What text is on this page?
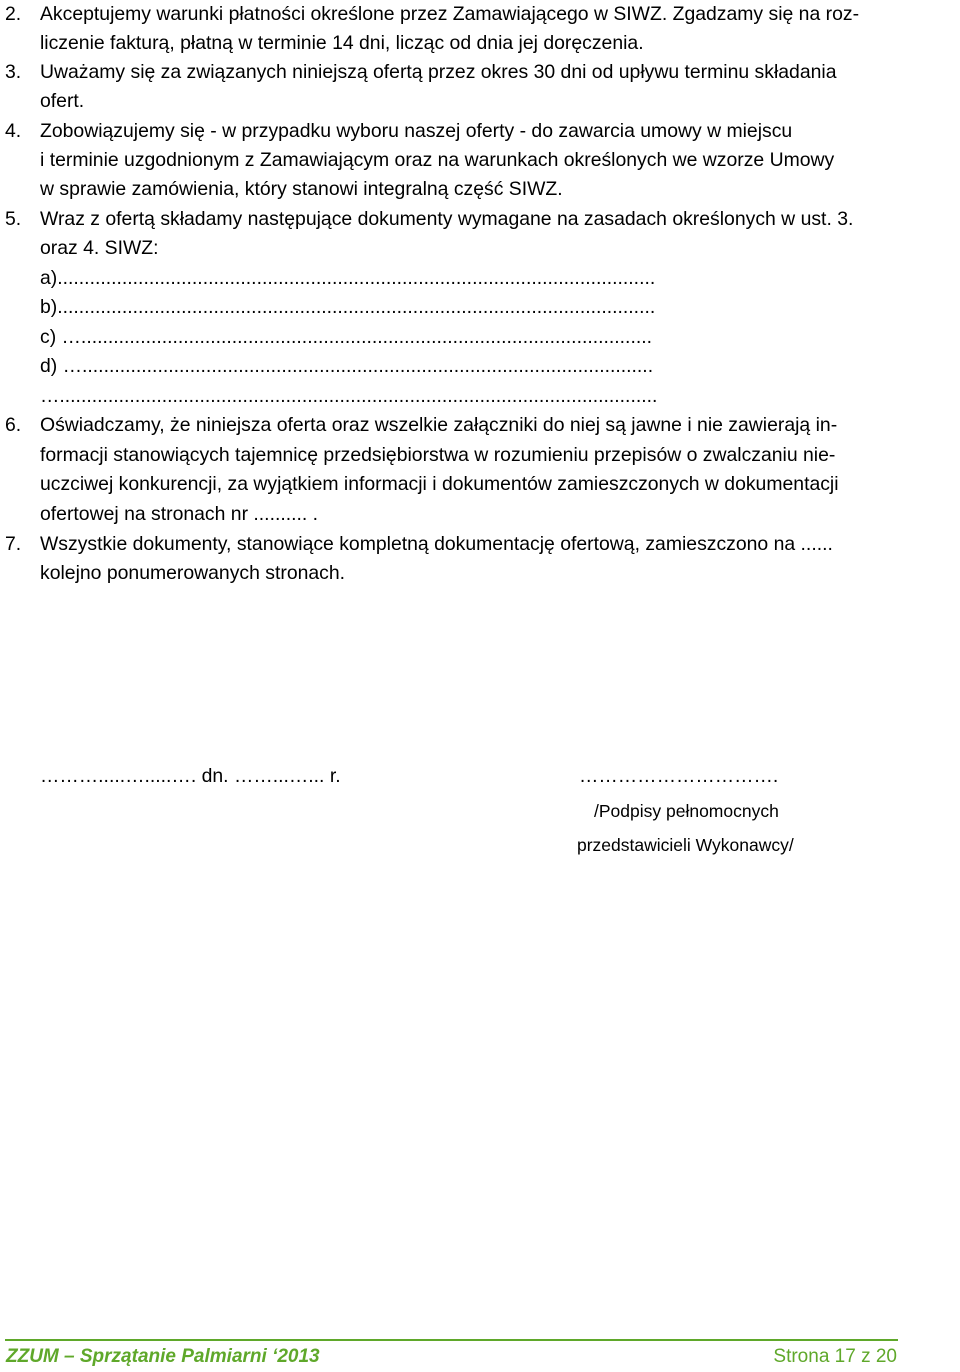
2. Akceptujemy warunki płatności określone przez Zamawiającego w SIWZ. Zgadzamy się na roz-
liczenie fakturą, płatną w terminie 14 dni, licząc od dnia jej doręczenia.
3. Uważamy się za związanych niniejszą ofertą przez okres 30 dni od upływu terminu składania
ofert.
4. Zobowiązujemy się - w przypadku wyboru naszej oferty - do zawarcia umowy w miejscu
i terminie uzgodnionym z Zamawiającym oraz na warunkach określonych we wzorze Umowy
w sprawie zamówienia, który stanowi integralną część SIWZ.
5. Wraz z ofertą składamy następujące dokumenty wymagane na zasadach określonych w ust. 3.
oraz 4. SIWZ:
a)...............................................................................................................
b)...............................................................................................................
c) …..........................................................................................................
d) …..........................................................................................................
…...............................................................................................................
6. Oświadczamy, że niniejsza oferta oraz wszelkie załączniki do niej są jawne i nie zawierają in-
formacji stanowiących tajemnicę przedsiębiorstwa w rozumieniu przepisów o zwalczaniu nie-
uczciwej konkurencji, za wyjątkiem informacji i dokumentów zamieszczonych w dokumentacji
ofertowej na stronach nr .......... .
7. Wszystkie dokumenty, stanowiące kompletną dokumentację ofertową, zamieszczono na ......
kolejno ponumerowanych stronach.
……….....….....…. dn. ……...…... r.	………………………….
/Podpisy pełnomocnych
przedstawicieli Wykonawcy/
ZZUM – Sprzątanie Palmiarni ‘2013	Strona 17 z 20
